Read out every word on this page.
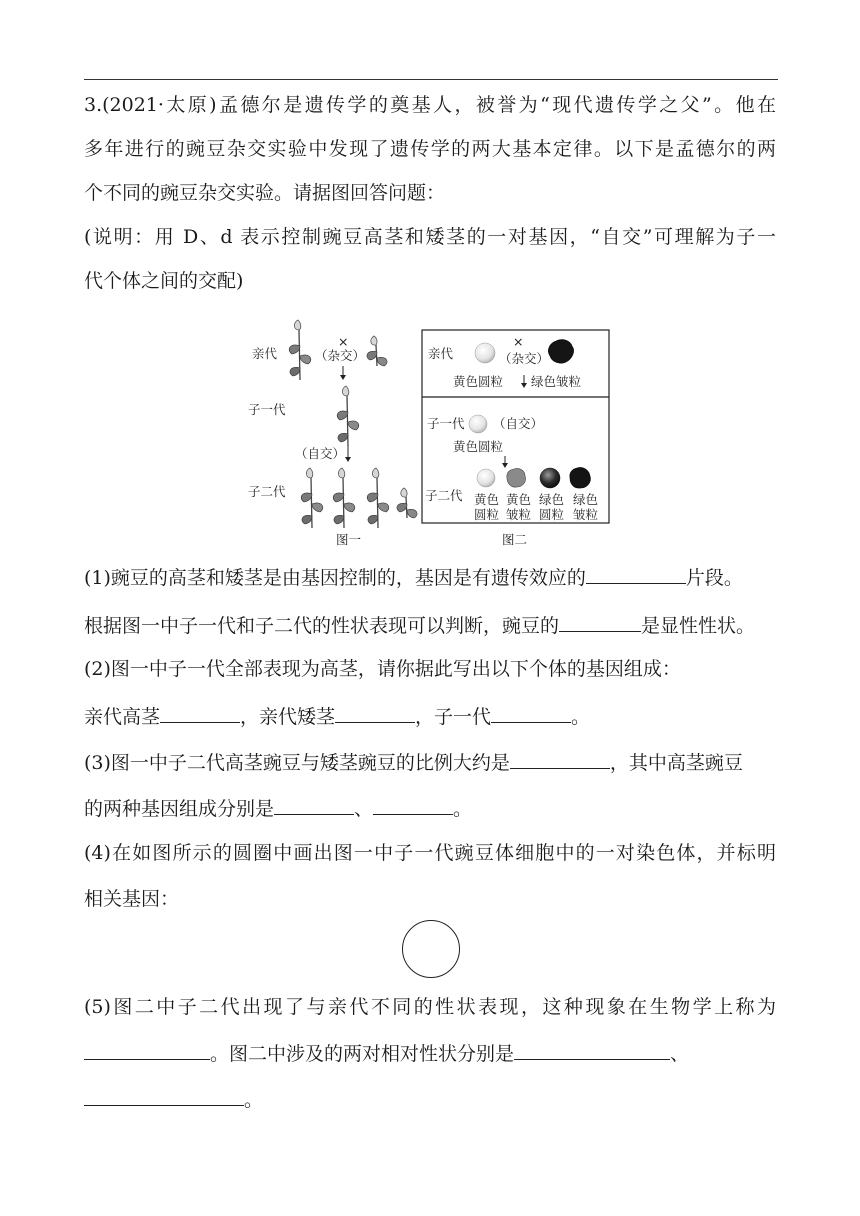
3.(2021·太原)孟德尔是遗传学的奠基人，被誉为“现代遗传学之父”。他在
多年进行的豌豆杂交实验中发现了遗传学的两大基本定律。以下是孟德尔的两
个不同的豌豆杂交实验。请据图回答问题：
(说明：用 D、d 表示控制豌豆高茎和矮茎的一对基因，“自交”可理解为子一
代个体之间的交配)
亲代
×
（杂交）
子一代
（自交）
子二代
图一
亲代
×
（杂交）
黄色圆粒 绿色皱粒
子一代 （自交）
黄色圆粒
子二代 黄色
圆粒
黄色
皱粒
绿色
圆粒
绿色
皱粒
图二
(1)豌豆的高茎和矮茎是由基因控制的，基因是有遗传效应的	片段。
根据图一中子一代和子二代的性状表现可以判断，豌豆的	是显性性状。
(2)图一中子一代全部表现为高茎，请你据此写出以下个体的基因组成：
亲代高茎	，亲代矮茎	，子一代	。
(3)图一中子二代高茎豌豆与矮茎豌豆的比例大约是	，其中高茎豌豆
的两种基因组成分别是	、	。
(4)在如图所示的圆圈中画出图一中子一代豌豆体细胞中的一对染色体，并标明
相关基因：
(5)图二中子二代出现了与亲代不同的性状表现，这种现象在生物学上称为
。图二中涉及的两对相对性状分别是	、
。
